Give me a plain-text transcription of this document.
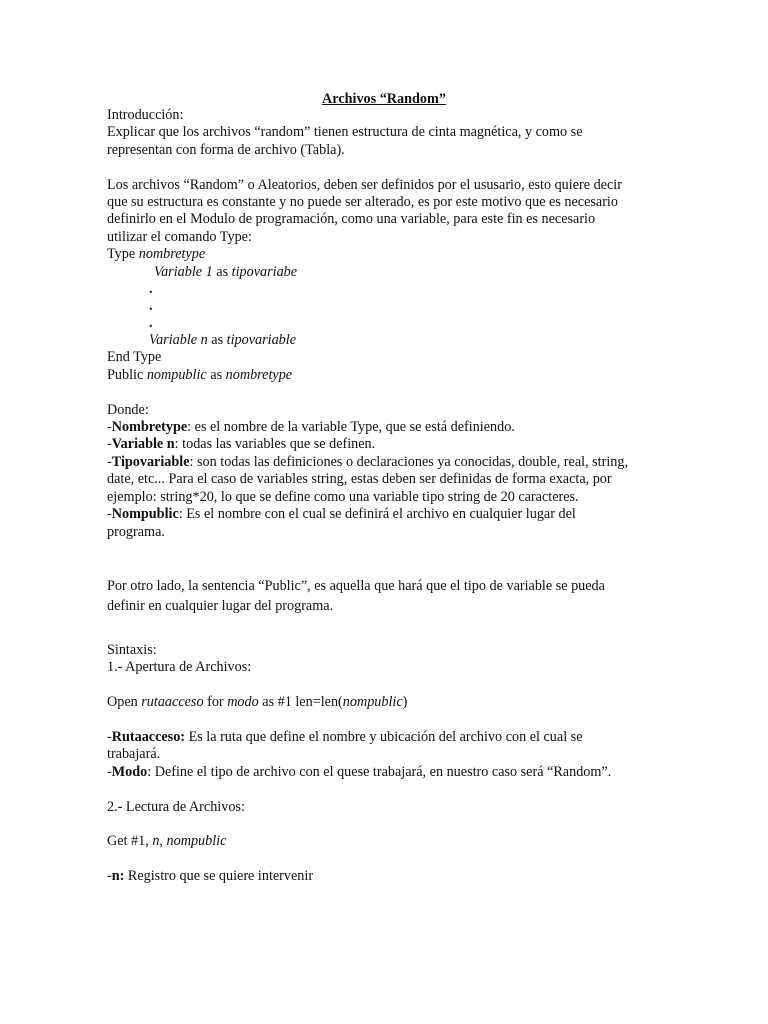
Archivos “Random”
Introducción:
Explicar que los archivos “random” tienen estructura de cinta magnética, y como se
representan con forma de archivo (Tabla).
Los archivos “Random” o Aleatorios, deben ser definidos por el ususario, esto quiere decir
que su estructura es constante y no puede ser alterado, es por este motivo que es necesario
definirlo en el Modulo de programación, como una variable, para este fin es necesario
utilizar el comando Type:
Type nombretype
Variable 1 as tipovariabe
.
.
.
Variable n as tipovariable
End Type
Public nompublic as nombretype
Donde:
-Nombretype: es el nombre de la variable Type, que se está definiendo.
-Variable n: todas las variables que se definen.
-Tipovariable: son todas las definiciones o declaraciones ya conocidas, double, real, string,
date, etc... Para el caso de variables string, estas deben ser definidas de forma exacta, por
ejemplo: string*20, lo que se define como una variable tipo string de 20 caracteres.
-Nompublic: Es el nombre con el cual se definirá el archivo en cualquier lugar del
programa.
Por otro lado, la sentencia “Public”, es aquella que hará que el tipo de variable se pueda
definir en cualquier lugar del programa.
Sintaxis:
1.- Apertura de Archivos:
Open rutaacceso for modo as #1 len=len(nompublic)
-Rutaacceso: Es la ruta que define el nombre y ubicación del archivo con el cual se
trabajará.
-Modo: Define el tipo de archivo con el quese trabajará, en nuestro caso será “Random”.
2.- Lectura de Archivos:
Get #1, n, nompublic
-n: Registro que se quiere intervenir
